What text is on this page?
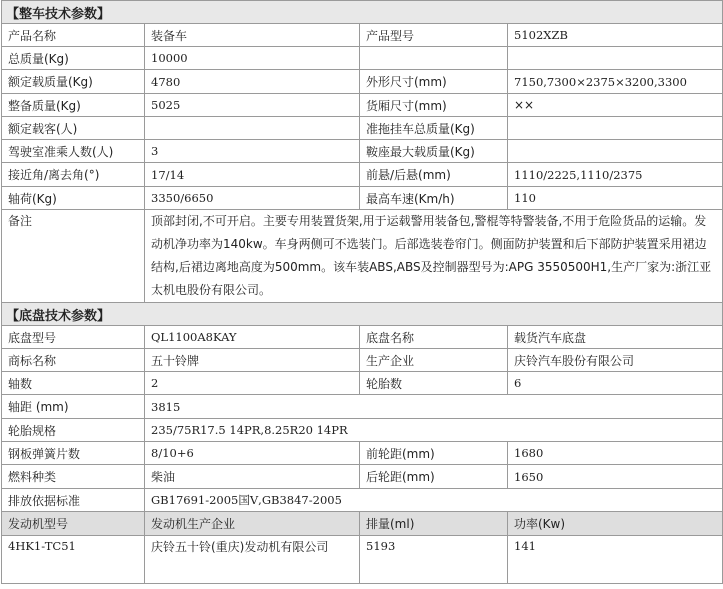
【整车技术参数】			
产品名称	装备车	产品型号	5102XZB
总质量(Kg)	10000		
额定载质量(Kg)	4780	外形尺寸(mm)	7150,7300×2375×3200,3300
整备质量(Kg)	5025	货厢尺寸(mm)	××
额定载客(人)		准拖挂车总质量(Kg)	
驾驶室准乘人数(人)	3	鞍座最大载质量(Kg)	
接近角/离去角(°)	17/14	前悬/后悬(mm)	1110/2225,1110/2375
轴荷(Kg)	3350/6650	最高车速(Km/h)	110
备注	顶部封闭,不可开启。主要专用装置货架,用于运载警用装备包,警棍等特警装备,不用于危险货品的运输。发动机净功率为140kw。车身两侧可不选装门。后部选装卷帘门。侧面防护装置和后下部防护装置采用裙边结构,后裙边离地高度为500mm。该车装ABS,ABS及控制器型号为:APG 3550500H1,生产厂家为:浙江亚太机电股份有限公司。		
【底盘技术参数】			
底盘型号	QL1100A8KAY	底盘名称	载货汽车底盘
商标名称	五十铃牌	生产企业	庆铃汽车股份有限公司
轴数	2	轮胎数	6
轴距 (mm)	3815		
轮胎规格	235/75R17.5 14PR,8.25R20 14PR		
钢板弹簧片数	8/10+6	前轮距(mm)	1680
燃料种类	柴油	后轮距(mm)	1650
排放依据标准	GB17691-2005国Ⅴ,GB3847-2005		
发动机型号	发动机生产企业	排量(ml)	功率(Kw)
4HK1-TC51	庆铃五十铃(重庆)发动机有限公司	5193	141
